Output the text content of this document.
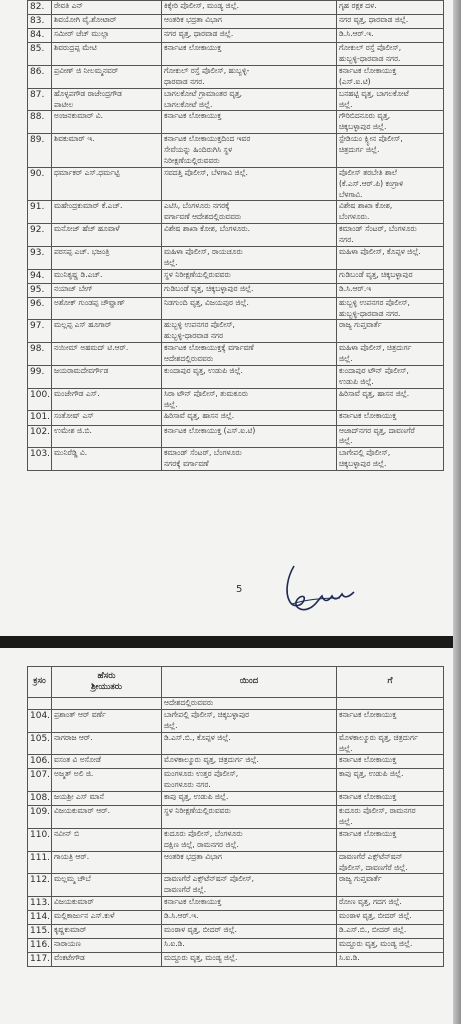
82.	ರೇವತಿ ಎನ್	ಕಿಕ್ಕೇರಿ ಪೊಲೀಸ್, ಮಂಡ್ಯ ಜಿಲ್ಲೆ.	ಗೃಹ ರಕ್ಷಕ ದಳ.
83.	ಶಿವಯೋಗಿ ವೈ.ಶೋಟಾರ್	ಆಂತರಿಕ ಭದ್ರತಾ ವಿಭಾಗ	ನಗರ ವೃತ್ತ, ಧಾರವಾಡ ಜಿಲ್ಲೆ.
84.	ಸಮೀರ್ ಜೆಚ್ ಮುಲ್ಲಾ	ನಗರ ವೃತ್ತ, ಧಾರವಾಡ ಜಿಲ್ಲೆ.	ಡಿ.ಸಿ.ಆರ್.ಇ.
85.	ಶಿವರುದ್ರಪ್ಪ ಮೇಟಿ	ಕರ್ನಾಟಕ ಲೋಕಾಯುಕ್ತ	ಗೋಕುಲ್ ರಸ್ತೆ ಪೊಲೀಸ್,
ಹುಬ್ಬಳ್ಳಿ-ಧಾರವಾಡ ನಗರ.
86.	ಪ್ರವೀಣ್ ಜಿ ನೀಲಮ್ಮನವರ್	ಗೋಕುಲ್ ರಸ್ತೆ ಪೊಲೀಸ್, ಹುಬ್ಬಳ್ಳಿ-
ಧಾರವಾಡ ನಗರ.	ಕರ್ನಾಟಕ ಲೋಕಾಯುಕ್ತ
(ಎಸ್.ಐ.ಟಿ)
87.	ಹೊಳ್ಳಪಗೌಡ ರಾಜೇಂದ್ರಗೌಡ
ಪಾಟೀಲ	ಬಾಗಲಕೋಟೆ ಗ್ರಾಮಾಂತರ ವೃತ್ತ,
ಬಾಗಲಕೋಟೆ ಜಿಲ್ಲೆ.	ಬನಹಟ್ಟಿ ವೃತ್ತ, ಬಾಗಲಕೋಟೆ
ಜಿಲ್ಲೆ.
88.	ಅಂಜನಕುಮಾರ್ ವಿ.	ಕರ್ನಾಟಕ ಲೋಕಾಯುಕ್ತ	ಗೌರಿಬಿದನೂರು ವೃತ್ತ,
ಚಿಕ್ಕಬಳ್ಳಾಪುರ ಜಿಲ್ಲೆ.
89.	ಶಿವಕುಮಾರ್ ಇ.	ಕರ್ನಾಟಕ ಲೋಕಾಯುಕ್ತದಿಂದ ಇವರ
ಸೇವೆಯನ್ನು ಹಿಂದಿರುಗಿಸಿ ಸ್ಥಳ
ನಿರೀಕ್ಷಣೆಯಲ್ಲಿರುವವರು	ಸ್ಟೇಡಿಯಂ ಕ್ಸ್ಟೀನ ಪೊಲೀಸ್,
ಚಿತ್ರದುರ್ಗ ಜಿಲ್ಲೆ.
90.	ಧರ್ಮಾಕರ್ ಎಸ್.ಧರ್ಮಟ್ಟಿ	ಸವದತ್ತಿ ಪೊಲೀಸ್, ಬೆಳಗಾವಿ ಜಿಲ್ಲೆ.	ಪೊಲೀಸ್ ತರಬೇತಿ ಶಾಲೆ
(ಕೆ.ಎಸ್.ಆರ್.ಪಿ) ಕಂಗ್ರಾಳಿ
ಬೆಳಗಾವಿ.
91.	ಮಹೇಂದ್ರಕುಮಾರ್ ಕೆ.ಎಚ್.	ಎಟಿಸಿ, ಬೆಂಗಳೂರು ನಗರಕ್ಕೆ
ವರ್ಗಾವಣೆ ಆದೇಶದಲ್ಲಿರುವವರು	ವಿಶೇಷ ಶಾಖಾ ಕೋಶ,
ಬೆಂಗಳೂರು.
92.	ಮನೋಜ್ ಹೆಚ್ ಹೂವಾಳೆ	ವಿಶೇಷ ಶಾಖಾ ಕೋಶ, ಬೆಂಗಳೂರು.	ಕಮಾಂಡ್ ಸೆಂಟರ್, ಬೆಂಗಳೂರು
ನಗರ.
93.	ಪರಸಪ್ಪ ಎಚ್. ಭಜಂತ್ರಿ	ಮಹಿಳಾ ಪೊಲೀಸ್, ರಾಯಚೂರು
ಜಿಲ್ಲೆ.	ಮಹಿಳಾ ಪೊಲೀಸ್, ಕೊಪ್ಪಳ ಜಿಲ್ಲೆ.
94.	ಮುನಿಕೃಷ್ಣ ಡಿ.ಎಚ್.	ಸ್ಥಳ ನಿರೀಕ್ಷಣೆಯಲ್ಲಿರುವವರು	ಗುಡಿಬಂಡೆ ವೃತ್ತ, ಚಿಕ್ಕಬಳ್ಳಾಪುರ
95.	ನಯಾಜ್ ಬೇಗ್	ಗುಡಿಬಂಡೆ ವೃತ್ತ, ಚಿಕ್ಕಬಳ್ಳಾಪುರ ಜಿಲ್ಲೆ.	ಡಿ.ಸಿ.ಆರ್.ಇ
96.	ಅಶೋಕ್ ಗುಂಡಪ್ಪ ಚೌವ್ಹಾಣ್	ನಿಡಗುಂದಿ ವೃತ್ತ, ವಿಜಯಪುರ ಜಿಲ್ಲೆ.	ಹುಬ್ಬಳ್ಳಿ ಉಪನಗರ ಪೊಲೀಸ್,
ಹುಬ್ಬಳ್ಳಿ-ಧಾರವಾಡ ನಗರ.
97.	ಮಲ್ಲಪ್ಪ ಎಸ್ ಹೂಗಾರ್	ಹುಬ್ಬಳ್ಳಿ ಉಪನಗರ ಪೊಲೀಸ್,
ಹುಬ್ಬಳ್ಳಿ-ಧಾರವಾಡ ನಗರ	ರಾಜ್ಯ ಗುಪ್ತವಾರ್ತೆ
98.	ನಯೀಮ್ ಅಹಮದ್ ಟಿ.ಆರ್.	ಕರ್ನಾಟಕ ಲೋಕಾಯುಕ್ತಕ್ಕೆ ವರ್ಗಾವಣೆ
ಆದೇಶದಲ್ಲಿರುವವರು	ಮಹಿಳಾ ಪೊಲೀಸ್, ಚಿತ್ರದುರ್ಗ
ಜಿಲ್ಲೆ.
99.	ಜಯರಾಮದೇವರ್ಗೌಡ	ಕುಂದಾಪುರ ವೃತ್ತ, ಉಡುಪಿ ಜಿಲ್ಲೆ.	ಕುಂದಾಪುರ ಟೌನ್ ಪೊಲೀಸ್,
ಉಡುಪಿ ಜಿಲ್ಲೆ.
100.	ಮಂಜೇಗೌಡ ಎಸ್.	ಸಿರಾ ಟೌನ್ ಪೊಲೀಸ್, ತುಮಕೂರು
ಜಿಲ್ಲೆ.	ಹಿರಿಸಾವೆ ವೃತ್ತ, ಹಾಸನ ಜಿಲ್ಲೆ.
101.	ಸಂತೋಷ್ ಎಸ್	ಹಿರಿಸಾವೆ ವೃತ್ತ, ಹಾಸನ ಜಿಲ್ಲೆ.	ಕರ್ನಾಟಕ ಲೋಕಾಯುಕ್ತ
102.	ಉಮೇಶ ಜಿ.ಬಿ.	ಕರ್ನಾಟಕ ಲೋಕಾಯುಕ್ತ (ಎಸ್.ಐ.ಟಿ)	ಆಜಾದ್‌ನಗರ ವೃತ್ತ, ದಾವಣಗೆರೆ
ಜಿಲ್ಲೆ.
103.	ಮುನಿರೆಡ್ಡಿ ವಿ.	ಕಮಾಂಡ್ ಸೆಂಟರ್, ಬೆಂಗಳೂರು
ನಗರಕ್ಕೆ ವರ್ಗಾವಣೆ	ಬಾಗೇಪಲ್ಲಿ ಪೊಲೀಸ್,
ಚಿಕ್ಕಬಳ್ಳಾಪುರ ಜಿಲ್ಲೆ.
5
ಕ್ರಸಂ	ಹೆಸರು
ಶ್ರೀಯುತರು	ಯಿಂದ	ಗೆ
		ಆದೇಶದಲ್ಲಿರುವವರು	
104.	ಪ್ರಶಾಂತ್ ಆರ್ ವರ್ಣೆ	ಬಾಗೇಪಲ್ಲಿ ಪೊಲೀಸ್, ಚಿಕ್ಕಬಳ್ಳಾಪುರ
ಜಿಲ್ಲೆ.	ಕರ್ನಾಟಕ ಲೋಕಾಯುಕ್ತ
105.	ನಾಗರಾಜ ಆರ್.	ಡಿ.ಎಸ್.ಬಿ., ಕೊಪ್ಪಳ ಜಿಲ್ಲೆ.	ಮೊಳಕಾಲ್ಮೂರು ವೃತ್ತ, ಚಿತ್ರದುರ್ಗ
ಜಿಲ್ಲೆ.
106.	ವಸಂತ ವಿ ಅಸೋಡೆ	ಮೊಳಕಾಲ್ಮೂರು ವೃತ್ತ, ಚಿತ್ರದುರ್ಗ ಜಿಲ್ಲೆ.	ಕರ್ನಾಟಕ ಲೋಕಾಯುಕ್ತ
107.	ಅಜ್ಮತ್ ಅಲಿ ಜಿ.	ಮಂಗಳೂರು ಉತ್ತರ ಪೊಲೀಸ್,
ಮಂಗಳೂರು ನಗರ.	ಕಾಪು ವೃತ್ತ, ಉಡುಪಿ ಜಿಲ್ಲೆ.
108.	ಜಯಶ್ರೀ ಎಸ್ ಮಾನೆ	ಕಾಪು ವೃತ್ತ, ಉಡುಪಿ ಜಿಲ್ಲೆ.	ಕರ್ನಾಟಕ ಲೋಕಾಯುಕ್ತ
109.	ವಿಜಯಕುಮಾರ್ ಆರ್.	ಸ್ಥಳ ನಿರೀಕ್ಷಣೆಯಲ್ಲಿರುವವರು	ಕುದೂರು ಪೊಲೀಸ್, ರಾಮನಗರ
ಜಿಲ್ಲೆ.
110.	ನವೀನ್ ಬಿ	ಕುದೂರು ಪೊಲೀಸ್, ಬೆಂಗಳೂರು
ದಕ್ಷಿಣ ಜಿಲ್ಲೆ, ರಾಮನಗರ ಜಿಲ್ಲೆ.	ಕರ್ನಾಟಕ ಲೋಕಾಯುಕ್ತ
111.	ಗಾಯತ್ರಿ ಆರ್.	ಆಂತರಿಕ ಭದ್ರತಾ ವಿಭಾಗ	ದಾವಣಗೆರೆ ಎಕ್ಸ್‌ಟೆನ್‌ಷನ್
ಪೊಲೀಸ್, ದಾವಣಗೆರೆ ಜಿಲ್ಲೆ.
112.	ಮಲ್ಲಮ್ಮ ಚೌಬೆ	ದಾವಣಗೆರೆ ಎಕ್ಸ್‌ಟೆನ್‌ಷನ್ ಪೊಲೀಸ್,
ದಾವಣಗೆರೆ ಜಿಲ್ಲೆ.	ರಾಜ್ಯ ಗುಪ್ತವಾರ್ತೆ
113.	ವಿಜಯಕುಮಾರ್	ಕರ್ನಾಟಕ ಲೋಕಾಯುಕ್ತ	ರೋಣ ವೃತ್ತ, ಗದಗ ಜಿಲ್ಲೆ.
114.	ಮಲ್ಲಿಕಾರ್ಜುನ ಎಸ್.ಕುಳೆ	ಡಿ.ಸಿ.ಆರ್.ಇ.	ಮಂಠಾಳ ವೃತ್ತ, ಬೀದರ್ ಜಿಲ್ಲೆ.
115.	ಕೃಷ್ಣಕುಮಾರ್	ಮಂಠಾಳ ವೃತ್ತ, ಬೀದರ್ ಜಿಲ್ಲೆ.	ಡಿ.ಎಸ್.ಬಿ., ಬೀದರ್ ಜಿಲ್ಲೆ.
116.	ನಾರಾಯಣ	ಸಿ.ಐ.ಡಿ.	ಮದ್ದೂರು ವೃತ್ತ, ಮಂಡ್ಯ ಜಿಲ್ಲೆ.
117.	ವೆಂಕಟೇಗೌಡ	ಮದ್ದೂರು ವೃತ್ತ, ಮಂಡ್ಯ ಜಿಲ್ಲೆ.	ಸಿ.ಐ.ಡಿ.
